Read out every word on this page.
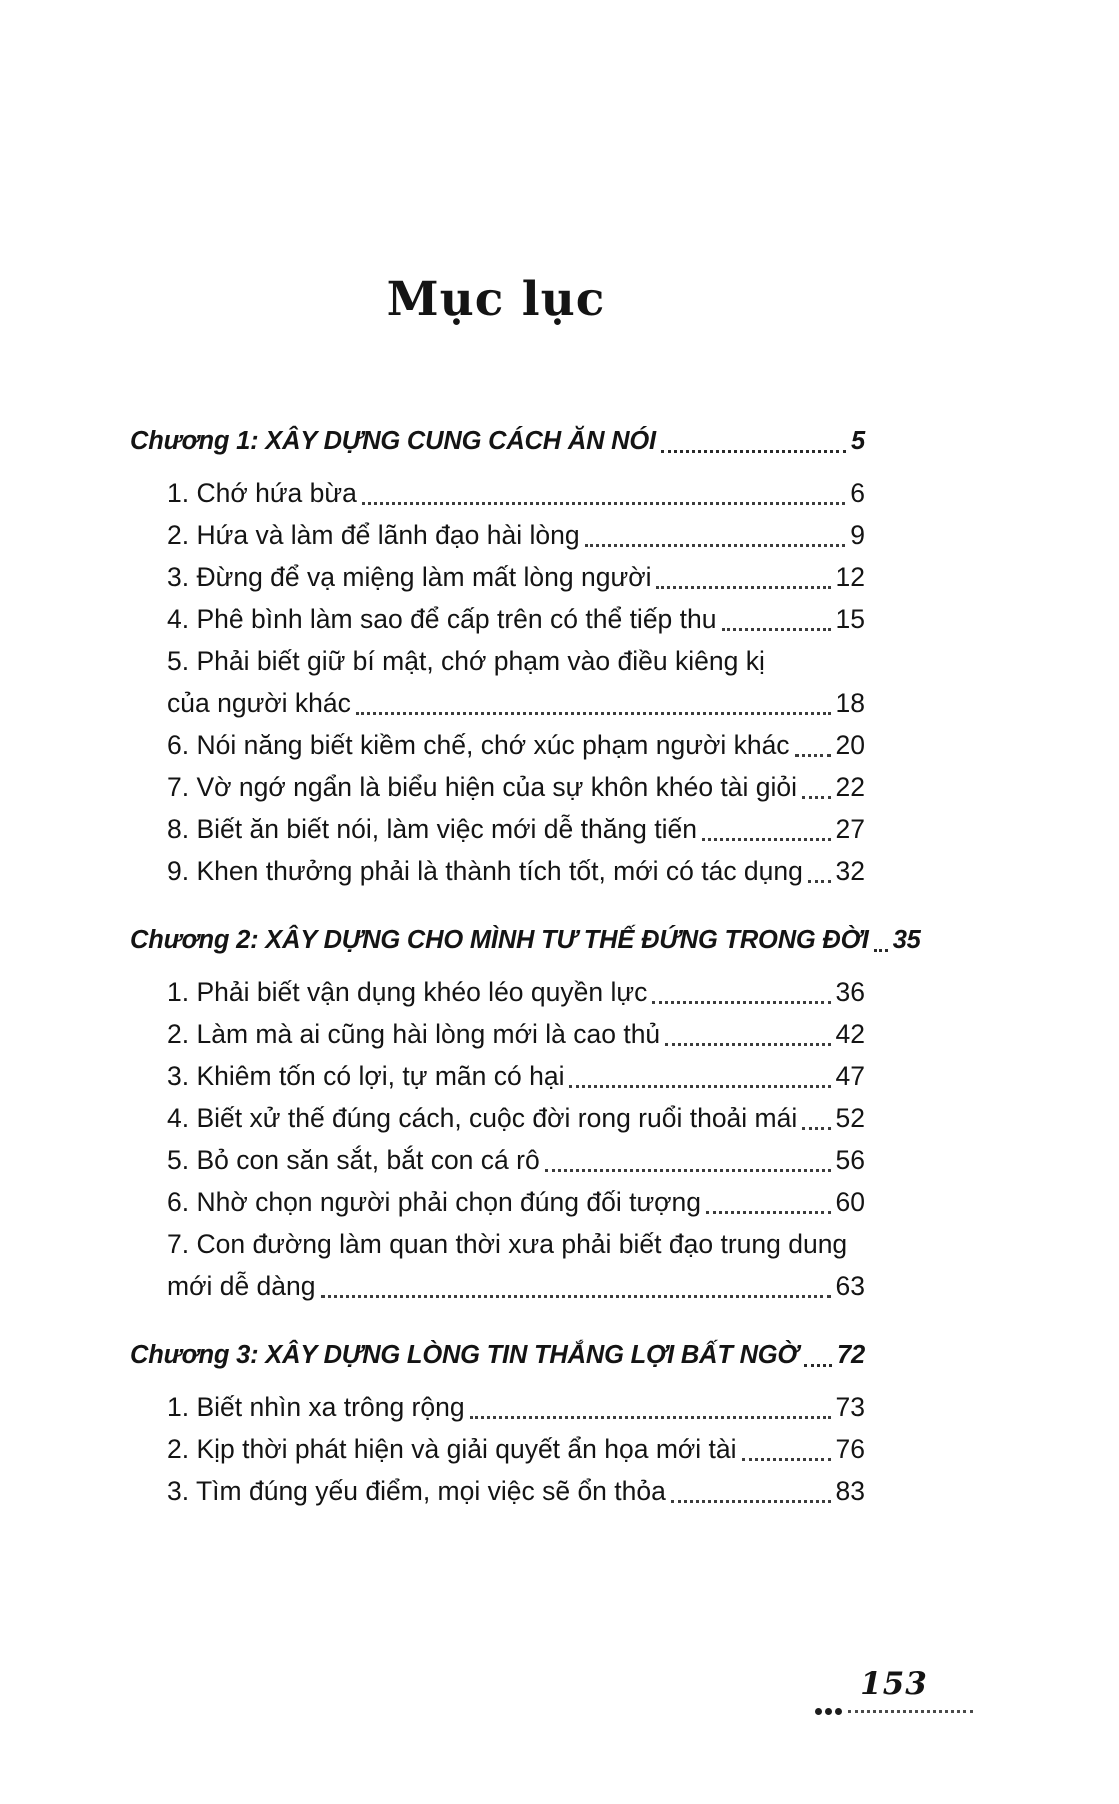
Mục lục
Chương 1: XÂY DỰNG CUNG CÁCH ĂN NÓI	5
1. Chớ hứa bừa	6
2. Hứa và làm để lãnh đạo hài lòng	9
3. Đừng để vạ miệng làm mất lòng người	12
4. Phê bình làm sao để cấp trên có thể tiếp thu	15
5. Phải biết giữ bí mật, chớ phạm vào điều kiêng kị
của người khác	18
6. Nói năng biết kiềm chế, chớ xúc phạm người khác 20
7. Vờ ngớ ngẩn là biểu hiện của sự khôn khéo tài giỏi 22
8. Biết ăn biết nói, làm việc mới dễ thăng tiến	27
9. Khen thưởng phải là thành tích tốt, mới có tác dụng 32
Chương 2: XÂY DỰNG CHO MÌNH TƯ THẾ ĐỨNG TRONG ĐỜI 35
1. Phải biết vận dụng khéo léo quyền lực	36
2. Làm mà ai cũng hài lòng mới là cao thủ	42
3. Khiêm tốn có lợi, tự mãn có hại	47
4. Biết xử thế đúng cách, cuộc đời rong ruổi thoải mái 52
5. Bỏ con săn sắt, bắt con cá rô	56
6. Nhờ chọn người phải chọn đúng đối tượng	60
7. Con đường làm quan thời xưa phải biết đạo trung dung
mới dễ dàng	63
Chương 3: XÂY DỰNG LÒNG TIN THẮNG LỢI BẤT NGỜ 72
1. Biết nhìn xa trông rộng	73
2. Kịp thời phát hiện và giải quyết ẩn họa mới tài	76
3. Tìm đúng yếu điểm, mọi việc sẽ ổn thỏa	83
153
